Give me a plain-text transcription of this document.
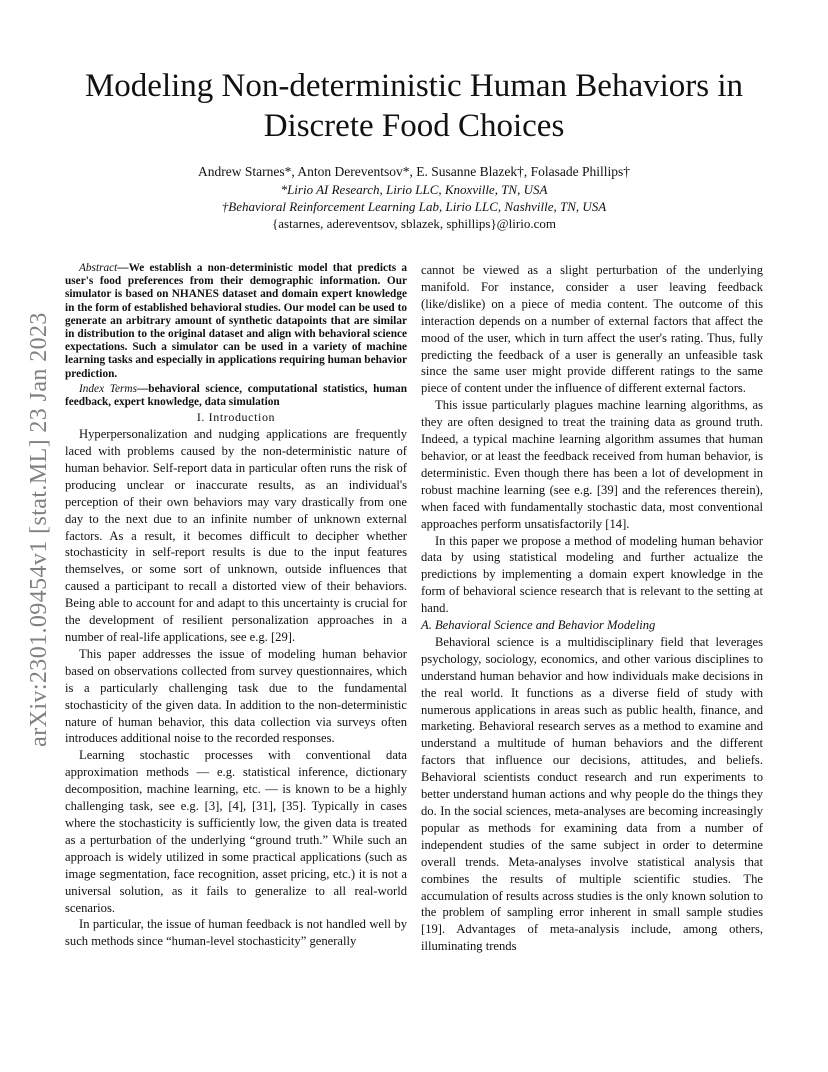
arXiv:2301.09454v1 [stat.ML] 23 Jan 2023
Modeling Non-deterministic Human Behaviors in
Discrete Food Choices

Andrew Starnes*, Anton Dereventsov*, E. Susanne Blazek†, Folasade Phillips†

*Lirio AI Research, Lirio LLC, Knoxville, TN, USA

†Behavioral Reinforcement Learning Lab, Lirio LLC, Nashville, TN, USA

{astarnes, adereventsov, sblazek, sphillips}@lirio.com

Abstract—We establish a non-deterministic model that predicts a user's food preferences from their demographic information. Our simulator is based on NHANES dataset and domain expert knowledge in the form of established behavioral studies. Our model can be used to generate an arbitrary amount of synthetic datapoints that are similar in distribution to the original dataset and align with behavioral science expectations. Such a simulator can be used in a variety of machine learning tasks and especially in applications requiring human behavior prediction.

Index Terms—behavioral science, computational statistics, human feedback, expert knowledge, data simulation

I. Introduction

Hyperpersonalization and nudging applications are frequently laced with problems caused by the non-deterministic nature of human behavior. Self-report data in particular often runs the risk of producing unclear or inaccurate results, as an individual's perception of their own behaviors may vary drastically from one day to the next due to an infinite number of unknown external factors. As a result, it becomes difficult to decipher whether stochasticity in self-report results is due to the input features themselves, or some sort of unknown, outside influences that caused a participant to recall a distorted view of their behaviors. Being able to account for and adapt to this uncertainty is crucial for the development of resilient personalization approaches in a number of real-life applications, see e.g. [29].

This paper addresses the issue of modeling human behavior based on observations collected from survey questionnaires, which is a particularly challenging task due to the fundamental stochasticity of the given data. In addition to the non-deterministic nature of human behavior, this data collection via surveys often introduces additional noise to the recorded responses.

Learning stochastic processes with conventional data approximation methods — e.g. statistical inference, dictionary decomposition, machine learning, etc. — is known to be a highly challenging task, see e.g. [3], [4], [31], [35]. Typically in cases where the stochasticity is sufficiently low, the given data is treated as a perturbation of the underlying “ground truth.” While such an approach is widely utilized in some practical applications (such as image segmentation, face recognition, asset pricing, etc.) it is not a universal solution, as it fails to generalize to all real-world scenarios.

In particular, the issue of human feedback is not handled well by such methods since “human-level stochasticity” generally

cannot be viewed as a slight perturbation of the underlying manifold. For instance, consider a user leaving feedback (like/dislike) on a piece of media content. The outcome of this interaction depends on a number of external factors that affect the mood of the user, which in turn affect the user's rating. Thus, fully predicting the feedback of a user is generally an unfeasible task since the same user might provide different ratings to the same piece of content under the influence of different external factors.

This issue particularly plagues machine learning algorithms, as they are often designed to treat the training data as ground truth. Indeed, a typical machine learning algorithm assumes that human behavior, or at least the feedback received from human behavior, is deterministic. Even though there has been a lot of development in robust machine learning (see e.g. [39] and the references therein), when faced with fundamentally stochastic data, most conventional approaches perform unsatisfactorily [14].

In this paper we propose a method of modeling human behavior data by using statistical modeling and further actualize the predictions by implementing a domain expert knowledge in the form of behavioral science research that is relevant to the setting at hand.

A. Behavioral Science and Behavior Modeling

Behavioral science is a multidisciplinary field that leverages psychology, sociology, economics, and other various disciplines to understand human behavior and how individuals make decisions in the real world. It functions as a diverse field of study with numerous applications in areas such as public health, finance, and marketing. Behavioral research serves as a method to examine and understand a multitude of human behaviors and the different factors that influence our decisions, attitudes, and beliefs. Behavioral scientists conduct research and run experiments to better understand human actions and why people do the things they do. In the social sciences, meta-analyses are becoming increasingly popular as methods for examining data from a number of independent studies of the same subject in order to determine overall trends. Meta-analyses involve statistical analysis that combines the results of multiple scientific studies. The accumulation of results across studies is the only known solution to the problem of sampling error inherent in small sample studies [19]. Advantages of meta-analysis include, among others, illuminating trends
